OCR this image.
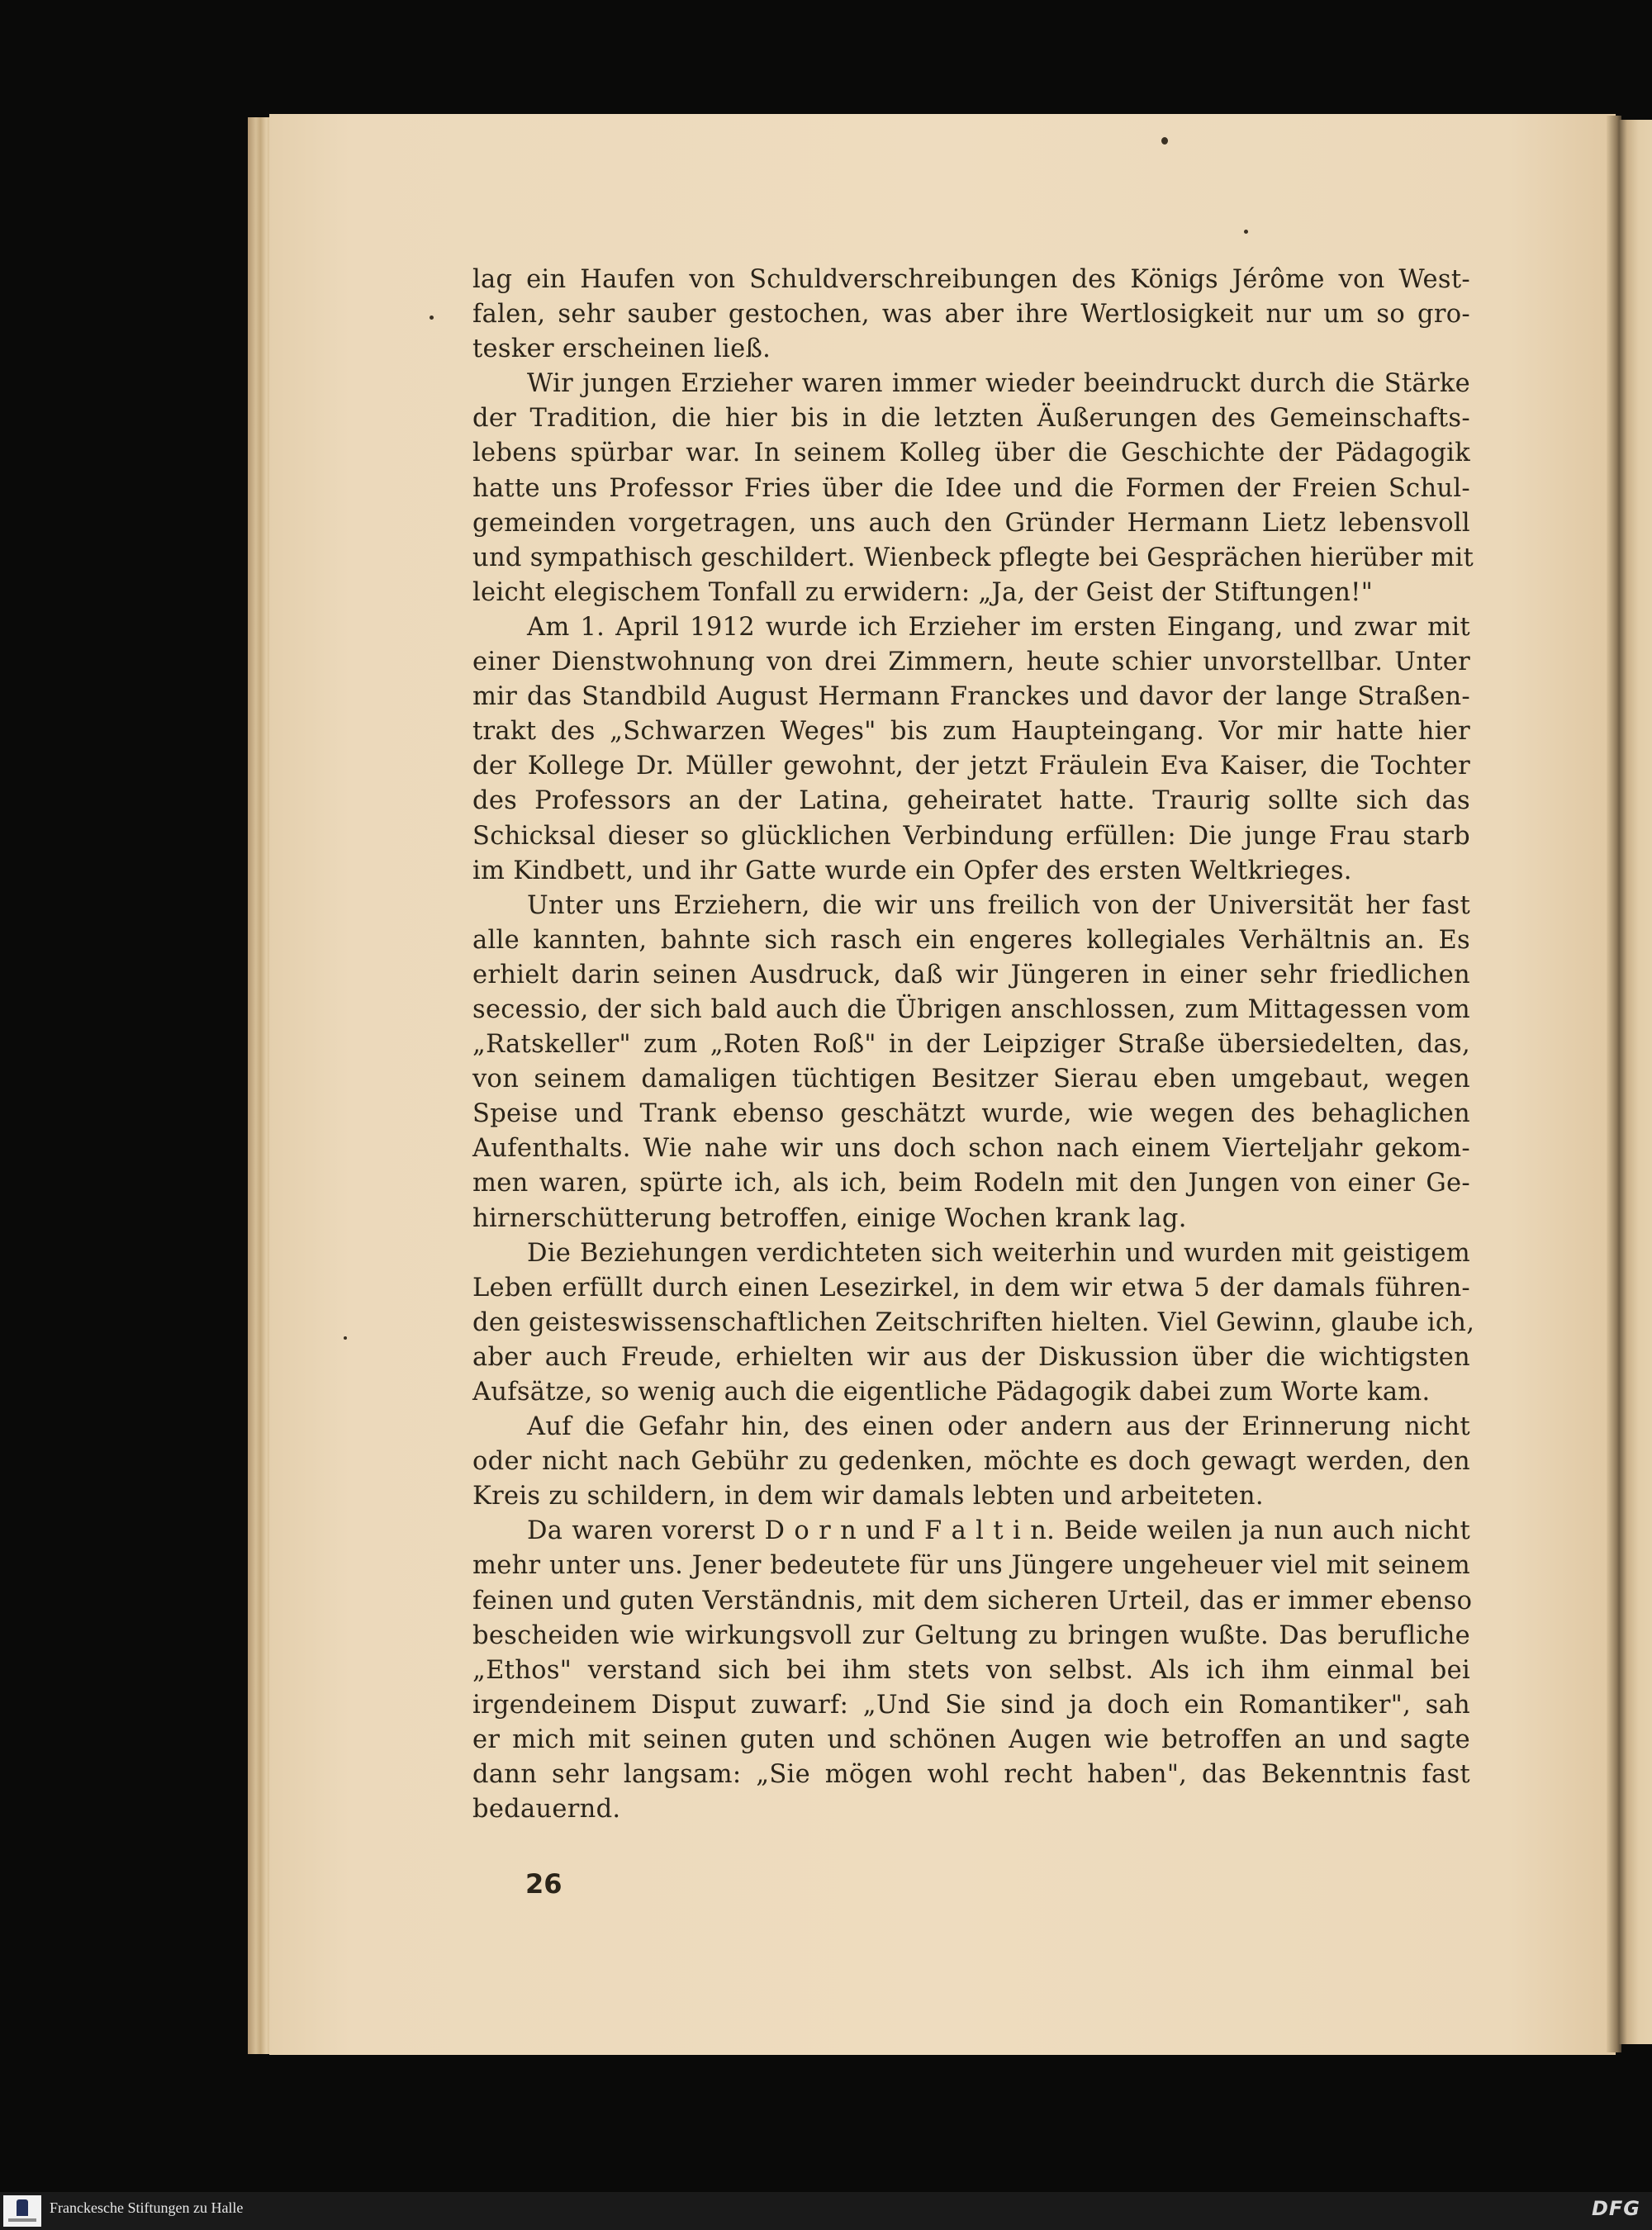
lag ein Haufen von Schuldverschreibungen des Königs Jérôme von West-
falen, sehr sauber gestochen, was aber ihre Wertlosigkeit nur um so gro-
tesker erscheinen ließ.
Wir jungen Erzieher waren immer wieder beeindruckt durch die Stärke
der Tradition, die hier bis in die letzten Äußerungen des Gemeinschafts-
lebens spürbar war. In seinem Kolleg über die Geschichte der Pädagogik
hatte uns Professor Fries über die Idee und die Formen der Freien Schul-
gemeinden vorgetragen, uns auch den Gründer Hermann Lietz lebensvoll
und sympathisch geschildert. Wienbeck pflegte bei Gesprächen hierüber mit
leicht elegischem Tonfall zu erwidern: „Ja, der Geist der Stiftungen!"
Am 1. April 1912 wurde ich Erzieher im ersten Eingang, und zwar mit
einer Dienstwohnung von drei Zimmern, heute schier unvorstellbar. Unter
mir das Standbild August Hermann Franckes und davor der lange Straßen-
trakt des „Schwarzen Weges" bis zum Haupteingang. Vor mir hatte hier
der Kollege Dr. Müller gewohnt, der jetzt Fräulein Eva Kaiser, die Tochter
des Professors an der Latina, geheiratet hatte. Traurig sollte sich das
Schicksal dieser so glücklichen Verbindung erfüllen: Die junge Frau starb
im Kindbett, und ihr Gatte wurde ein Opfer des ersten Weltkrieges.
Unter uns Erziehern, die wir uns freilich von der Universität her fast
alle kannten, bahnte sich rasch ein engeres kollegiales Verhältnis an. Es
erhielt darin seinen Ausdruck, daß wir Jüngeren in einer sehr friedlichen
secessio, der sich bald auch die Übrigen anschlossen, zum Mittagessen vom
„Ratskeller" zum „Roten Roß" in der Leipziger Straße übersiedelten, das,
von seinem damaligen tüchtigen Besitzer Sierau eben umgebaut, wegen
Speise und Trank ebenso geschätzt wurde, wie wegen des behaglichen
Aufenthalts. Wie nahe wir uns doch schon nach einem Vierteljahr gekom-
men waren, spürte ich, als ich, beim Rodeln mit den Jungen von einer Ge-
hirnerschütterung betroffen, einige Wochen krank lag.
Die Beziehungen verdichteten sich weiterhin und wurden mit geistigem
Leben erfüllt durch einen Lesezirkel, in dem wir etwa 5 der damals führen-
den geisteswissenschaftlichen Zeitschriften hielten. Viel Gewinn, glaube ich,
aber auch Freude, erhielten wir aus der Diskussion über die wichtigsten
Aufsätze, so wenig auch die eigentliche Pädagogik dabei zum Worte kam.
Auf die Gefahr hin, des einen oder andern aus der Erinnerung nicht
oder nicht nach Gebühr zu gedenken, möchte es doch gewagt werden, den
Kreis zu schildern, in dem wir damals lebten und arbeiteten.
Da waren vorerst D o r n und F a l t i n. Beide weilen ja nun auch nicht
mehr unter uns. Jener bedeutete für uns Jüngere ungeheuer viel mit seinem
feinen und guten Verständnis, mit dem sicheren Urteil, das er immer ebenso
bescheiden wie wirkungsvoll zur Geltung zu bringen wußte. Das berufliche
„Ethos" verstand sich bei ihm stets von selbst. Als ich ihm einmal bei
irgendeinem Disput zuwarf: „Und Sie sind ja doch ein Romantiker", sah
er mich mit seinen guten und schönen Augen wie betroffen an und sagte
dann sehr langsam: „Sie mögen wohl recht haben", das Bekenntnis fast
bedauernd.
26
Franckesche Stiftungen zu Halle	DFG
